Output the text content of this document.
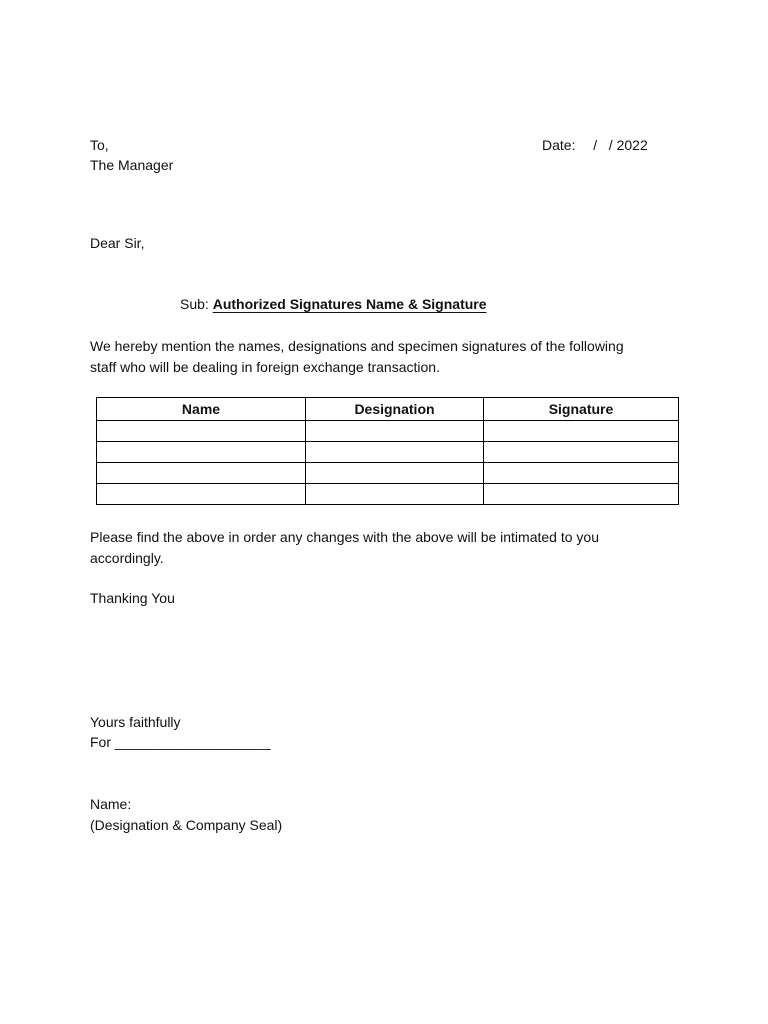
To,
The Manager
Date: /   / 2022
Dear Sir,
Sub: Authorized Signatures Name & Signature
We hereby mention the names, designations and specimen signatures of the following
staff who will be dealing in foreign exchange transaction.
Name	Designation	Signature

Please find the above in order any changes with the above will be intimated to you
accordingly.
Thanking You
Yours faithfully
For ____________________
Name:
(Designation & Company Seal)
